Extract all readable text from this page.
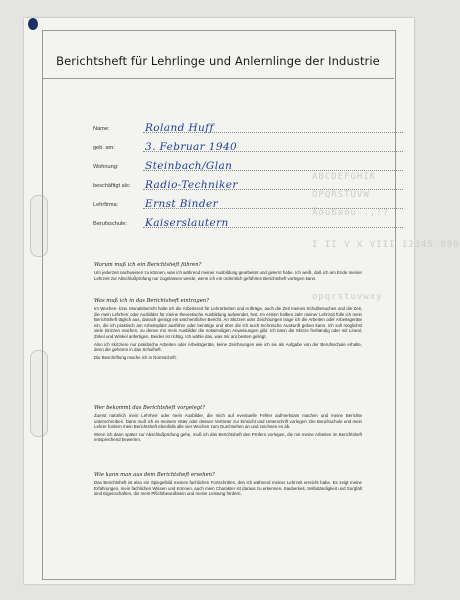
ABCDEFGHIK
OPQRSTUVW
Äöüßäöü-.,!?
I II V X VIII 12345 890
opqrstuvwxy
Berichtsheft für Lehrlinge und Anlernlinge der Industrie
Name:	Roland Huff
geb. am:	3. Februar 1940
Wohnung:	Steinbach/Glan
beschäftigt als: Radio-Techniker
Lehrfirma:	Ernst Binder
Berufsschule: Kaiserslautern

Warum muß ich ein Berichtsheft führen?

Um jederzeit nachweisen zu können, was ich während meiner Ausbildung gearbeitet und gelernt habe. Ich weiß, daß ich am Ende meiner Lehrzeit zur Abschlußprüfung nur zugelassen werde, wenn ich ein ordentlich geführtes Berichtsheft vorlegen kann.

Was muß ich in das Berichtsheft eintragen?

Im Wochen- bzw. Monatsbericht halte ich die Arbeitszeit für Lehrarbeiten und Aufträge, auch die Zeit meines Schulbesuches und die Zeit, die mein Lehrherr oder Ausbilder für meine theoretische Ausbildung aufwendet, fest. Im ersten halben Jahr meiner Lehrzeit fülle ich mein Berichtsheft täglich aus, danach genügt ein wöchentlicher Bericht. An Skizzen oder Zeichnungen trage ich die Arbeiten oder Arbeitsgeräte ein, die ich praktisch am Arbeitsplatz ausführe oder benötige und über die ich auch technische Auskunft geben kann. Ich soll möglichst viele Skizzen machen, zu denen mir mein Ausbilder die notwendigen Anweisungen gibt. Ich kann die Skizze freihändig oder mit Lineal, Zirkel und Winkel anfertigen. Beides ist richtig. Ich wähle das, was mir am besten gelingt.

Also ich skizziere nur praktische Arbeiten oder Arbeitsgeräte, keine Zeichnungen wie ich sie als Aufgabe von der Berufsschule erhalte, denn die gehören in das Schulheft.

Die Beschriftung mache ich in Normschrift.

Wer bekommt das Berichtsheft vorgelegt?

Zuerst natürlich mein Lehrherr oder mein Ausbilder, die mich auf eventuelle Fehler aufmerksam machen und meine Berichte unterschreiben. Dann muß ich es meinem Vater oder dessen Vertreter zur Einsicht und Unterschrift vorlegen. Die Berufsschule und mein Lehrer fordern mein Berichtsheft ebenfalls alle vier Wochen zum Durchsehen an und zeichnen es ab.

Wenn ich dann später zur Abschlußprüfung gehe, muß ich das Berichtsheft den Prüfern vorlegen, die mir meine Arbeiten im Berichtsheft entsprechend bewerten.

Wie kann man aus dem Berichtsheft ersehen?

Das Berichtsheft ist also ein Spiegelbild meines fachlichen Fortschrittes, den ich während meiner Lehrzeit erreicht habe. Es zeigt meine Erfahrungen, mein fachliches Wissen und Können, auch mein Charakter ist daraus zu erkennen. Sauberkeit, Selbständigkeit und Sorgfalt sind Eigenschaften, die mein Pflichtbewußtsein und meine Leistung fördern.
